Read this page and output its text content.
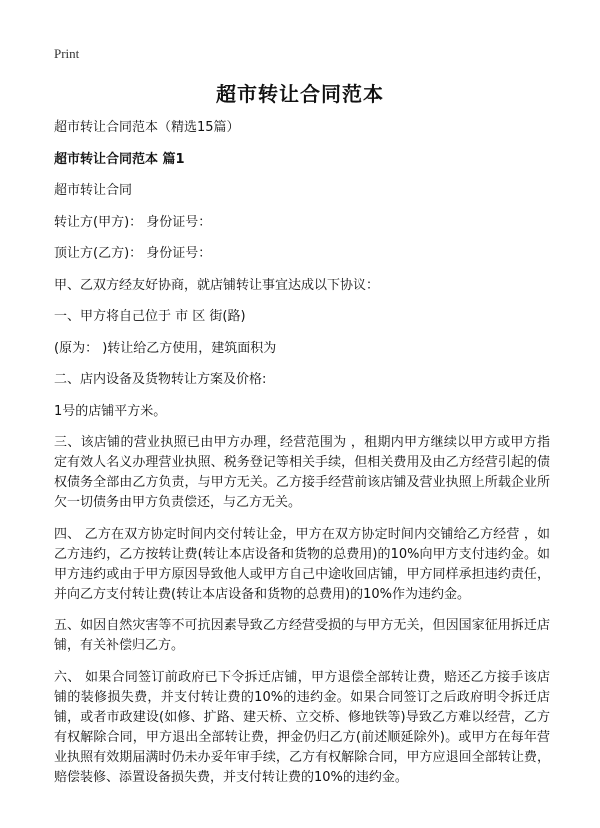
Print
超市转让合同范本

超市转让合同范本（精选15篇）

超市转让合同范本 篇1

超市转让合同

转让方(甲方)： 身份证号：

顶让方(乙方)： 身份证号：

甲、乙双方经友好协商，就店铺转让事宜达成以下协议：

一、甲方将自己位于 市 区 街(路)

(原为： )转让给乙方使用，建筑面积为

二、店内设备及货物转让方案及价格:

1号的店铺平方米。

三、该店铺的营业执照已由甲方办理，经营范围为 ，租期内甲方继续以甲方或甲方指定有效人名义办理营业执照、税务登记等相关手续，但相关费用及由乙方经营引起的债权债务全部由乙方负责，与甲方无关。乙方接手经营前该店铺及营业执照上所载企业所欠一切债务由甲方负责偿还，与乙方无关。

四、 乙方在双方协定时间内交付转让金，甲方在双方协定时间内交铺给乙方经营 ，如乙方违约，乙方按转让费(转让本店设备和货物的总费用)的10%向甲方支付违约金。如甲方违约或由于甲方原因导致他人或甲方自己中途收回店铺，甲方同样承担违约责任，并向乙方支付转让费(转让本店设备和货物的总费用)的10%作为违约金。

五、如因自然灾害等不可抗因素导致乙方经营受损的与甲方无关，但因国家征用拆迁店铺，有关补偿归乙方。

六、 如果合同签订前政府已下令拆迁店铺，甲方退偿全部转让费，赔还乙方接手该店铺的装修损失费，并支付转让费的10%的违约金。如果合同签订之后政府明令拆迁店铺，或者市政建设(如修、扩路、建天桥、立交桥、修地铁等)导致乙方难以经营，乙方有权解除合同，甲方退出全部转让费，押金仍归乙方(前述顺延除外)。或甲方在每年营业执照有效期届满时仍未办妥年审手续，乙方有权解除合同，甲方应退回全部转让费，赔偿装修、添置设备损失费，并支付转让费的10%的违约金。
